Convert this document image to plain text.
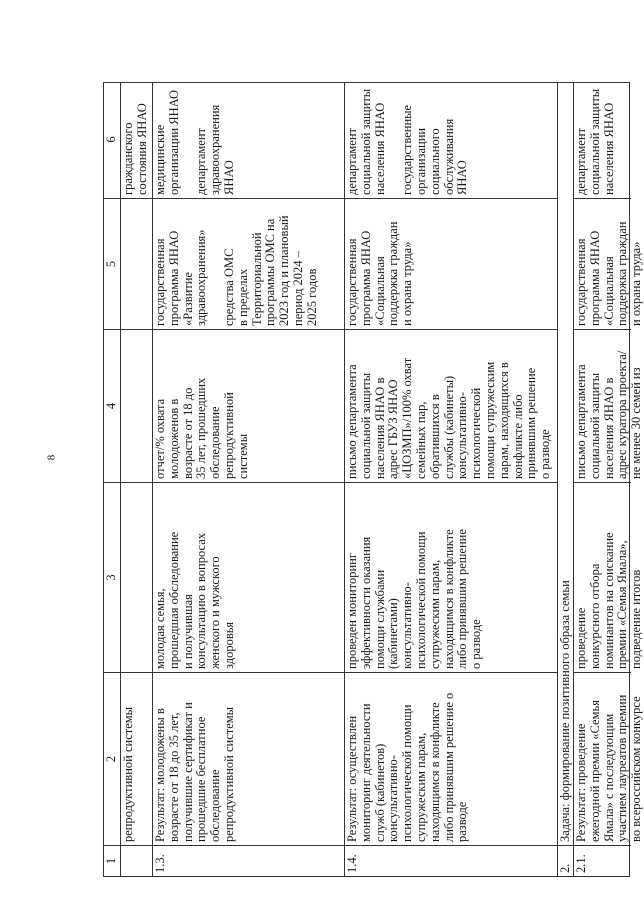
8
1
2
3
4
5
6
репродуктивной системы
гражданского
состояния ЯНАО
1.3.
Результат: молодожены в
возрасте от 18 до 35 лет,
получившие сертификат и
прошедшие бесплатное
обследование
репродуктивной системы
молодая семья,
прошедшая обследование
и получившая
консультацию в вопросах
женского и мужского
здоровья
отчет/% охвата
молодоженов в
возрасте от 18 до
35 лет, прошедших
обследование
репродуктивной
системы
государственная
программа ЯНАО
«Развитие
здравоохранения»

средства ОМС
в пределах
Территориальной
программы ОМС на
2023 год и плановый
период 2024 –
2025 годов
медицинские
организации ЯНАО

департамент
здравоохранения
ЯНАО
1.4.
Результат: осуществлен
мониторинг деятельности
служб (кабинетов)
консультативно-
психологической помощи
супружеским парам,
находящимся в конфликте
либо принявшим решение о
разводе
проведен мониторинг
эффективности оказания
помощи службами
(кабинетами)
консультативно-
психологической помощи
супружеским парам,
находящимся в конфликте
либо принявшим решение
о разводе
письмо департамента
социальной защиты
населения ЯНАО в
адрес ГБУЗ ЯНАО
«ЦОЗМП»/100% охват
семейных пар,
обратившихся в
службы (кабинеты)
консультативно-
психологической
помощи супружеским
парам, находящихся в
конфликте либо
принявшим решение
о разводе
государственная
программа ЯНАО
«Социальная
поддержка граждан
и охрана труда»
департамент
социальной защиты
населения ЯНАО

государственные
организации
социального
обслуживания ЯНАО
2.
Задача: формирование позитивного образа семьи
2.1.
Результат: проведение
ежегодной премии «Семья
Ямала» с последующим
участием лауреатов премии
во всероссийском конкурсе
проведение
конкурсного отбора
номинантов на соискание
премии «Семья Ямала»,
подведение итогов
письмо департамента
социальной защиты
населения ЯНАО в
адрес куратора проекта/
не менее 30 семей из
государственная
программа ЯНАО
«Социальная
поддержка граждан
и охрана труда»
департамент
социальной защиты
населения ЯНАО
